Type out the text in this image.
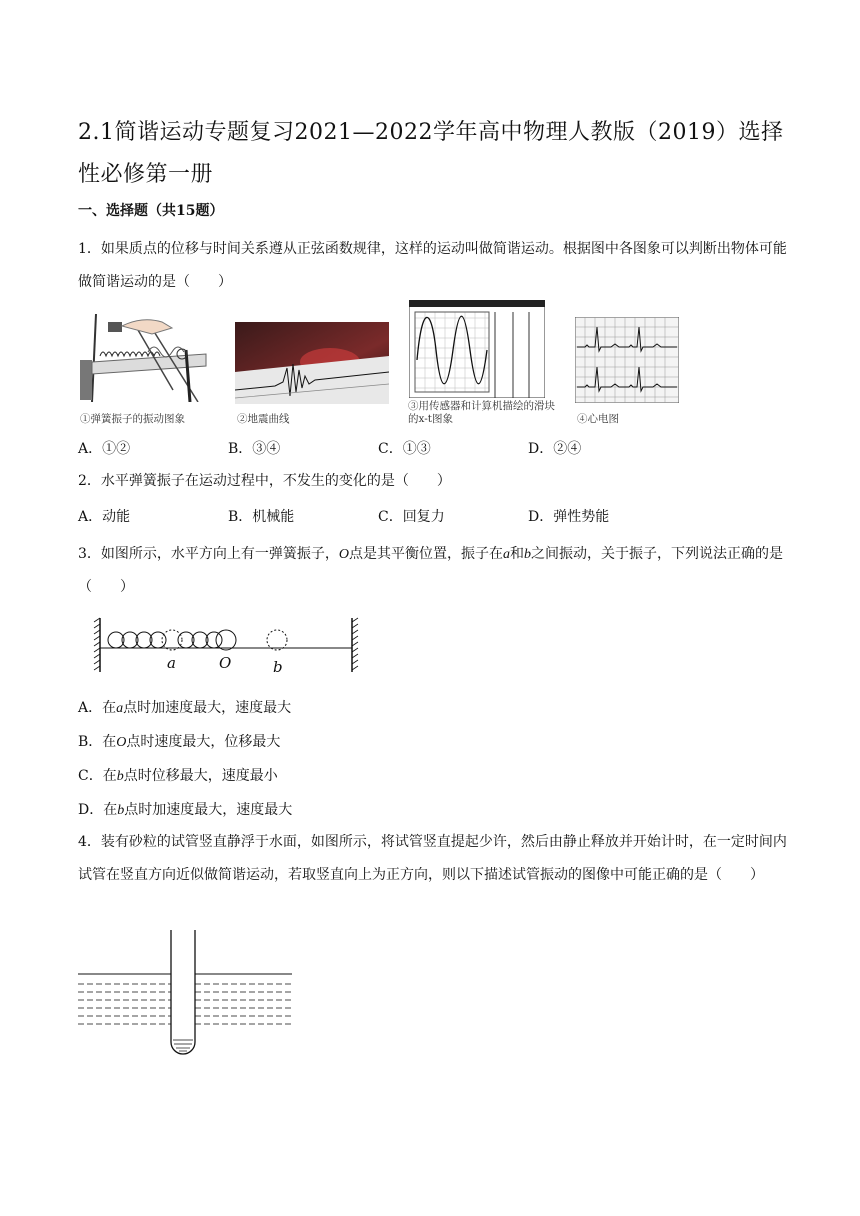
2.1简谐运动专题复习2021—2022学年高中物理人教版（2019）选择性必修第一册
一、选择题（共15题）
1．如果质点的位移与时间关系遵从正弦函数规律，这样的运动叫做简谐运动。根据图中各图象可以判断出物体可能做简谐运动的是（　　）
①弹簧振子的振动图象	②地震曲线
③用传感器和计算机描绘的滑块的x-t图象	④心电图
A．①②	B．③④	C．①③	D．②④
2．水平弹簧振子在运动过程中，不发生的变化的是（　　）
A．动能	B．机械能	C．回复力	D．弹性势能
3．如图所示，水平方向上有一弹簧振子，O点是其平衡位置，振子在a和b之间振动，关于振子，下列说法正确的是（　　）
a	O	b
A．在a点时加速度最大，速度最大
B．在O点时速度最大，位移最大
C．在b点时位移最大，速度最小
D．在b点时加速度最大，速度最大
4．装有砂粒的试管竖直静浮于水面，如图所示，将试管竖直提起少许，然后由静止释放并开始计时，在一定时间内试管在竖直方向近似做简谐运动，若取竖直向上为正方向，则以下描述试管振动的图像中可能正确的是（　　）
